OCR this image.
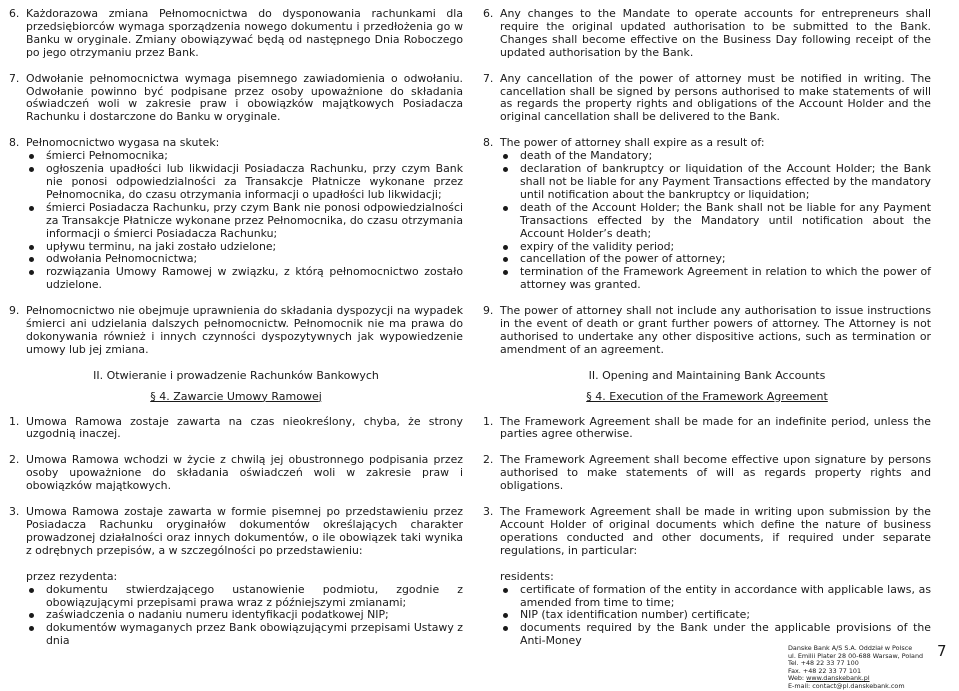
6. Każdorazowa zmiana Pełnomocnictwa do dysponowania rachunkami dla przedsiębiorców wymaga sporządzenia nowego dokumentu i przedłożenia go w Banku w oryginale. Zmiany obowiązywać będą od następnego Dnia Roboczego po jego otrzymaniu przez Bank.
7. Odwołanie pełnomocnictwa wymaga pisemnego zawiadomienia o odwołaniu. Odwołanie powinno być podpisane przez osoby upoważnione do składania oświadczeń woli w zakresie praw i obowiązków majątkowych Posiadacza Rachunku i dostarczone do Banku w oryginale.
8. Pełnomocnictwo wygasa na skutek:

śmierci Pełnomocnika;
ogłoszenia upadłości lub likwidacji Posiadacza Rachunku, przy czym Bank nie ponosi odpowiedzialności za Transakcje Płatnicze wykonane przez Pełnomocnika, do czasu otrzymania informacji o upadłości lub likwidacji;
śmierci Posiadacza Rachunku, przy czym Bank nie ponosi odpowiedzialności za Transakcje Płatnicze wykonane przez Pełnomocnika, do czasu otrzymania informacji o śmierci Posiadacza Rachunku;
upływu terminu, na jaki zostało udzielone;
odwołania Pełnomocnictwa;
rozwiązania Umowy Ramowej w związku, z którą pełnomocnictwo zostało udzielone.
9. Pełnomocnictwo nie obejmuje uprawnienia do składania dyspozycji na wypadek śmierci ani udzielania dalszych pełnomocnictw. Pełnomocnik nie ma prawa do dokonywania również i innych czynności dyspozytywnych jak wypowiedzenie umowy lub jej zmiana.

II. Otwieranie i prowadzenie Rachunków Bankowych

§ 4. Zawarcie Umowy Ramowej

1. Umowa Ramowa zostaje zawarta na czas nieokreślony, chyba, że strony uzgodnią inaczej.
2. Umowa Ramowa wchodzi w życie z chwilą jej obustronnego podpisania przez osoby upoważnione do składania oświadczeń woli w zakresie praw i obowiązków majątkowych.
3. Umowa Ramowa zostaje zawarta w formie pisemnej po przedstawieniu przez Posiadacza Rachunku oryginałów dokumentów określających charakter prowadzonej działalności oraz innych dokumentów, o ile obowiązek taki wynika z odrębnych przepisów, a w szczególności po przedstawieniu:

przez rezydenta:

dokumentu stwierdzającego ustanowienie podmiotu, zgodnie z obowiązującymi przepisami prawa wraz z późniejszymi zmianami;
zaświadczenia o nadaniu numeru identyfikacji podatkowej NIP;
dokumentów wymaganych przez Bank obowiązującymi przepisami Ustawy z dnia
6. Any changes to the Mandate to operate accounts for entrepreneurs shall require the original updated authorisation to be submitted to the Bank. Changes shall become effective on the Business Day following receipt of the updated authorisation by the Bank.
7. Any cancellation of the power of attorney must be notified in writing. The cancellation shall be signed by persons authorised to make statements of will as regards the property rights and obligations of the Account Holder and the original cancellation shall be delivered to the Bank.
8. The power of attorney shall expire as a result of:

death of the Mandatory;
declaration of bankruptcy or liquidation of the Account Holder; the Bank shall not be liable for any Payment Transactions effected by the mandatory until notification about the bankruptcy or liquidation;
death of the Account Holder; the Bank shall not be liable for any Payment Transactions effected by the Mandatory until notification about the Account Holder’s death;
expiry of the validity period;
cancellation of the power of attorney;
termination of the Framework Agreement in relation to which the power of attorney was granted.
9. The power of attorney shall not include any authorisation to issue instructions in the event of death or grant further powers of attorney. The Attorney is not authorised to undertake any other dispositive actions, such as termination or amendment of an agreement.

II. Opening and Maintaining Bank Accounts

§ 4. Execution of the Framework Agreement

1. The Framework Agreement shall be made for an indefinite period, unless the parties agree otherwise.
2. The Framework Agreement shall become effective upon signature by persons authorised to make statements of will as regards property rights and obligations.
3. The Framework Agreement shall be made in writing upon submission by the Account Holder of original documents which define the nature of business operations conducted and other documents, if required under separate regulations, in particular:

residents:

certificate of formation of the entity in accordance with applicable laws, as amended from time to time;
NIP (tax identification number) certificate;
documents required by the Bank under the applicable provisions of the Anti-Money
Danske Bank A/S S.A. Oddział w Polsce
ul. Emilii Plater 28 00-688 Warsaw, Poland
Tel. +48 22 33 77 100
Fax. +48 22 33 77 101
Web: www.danskebank.pl
E-mail: contact@pl.danskebank.com
7
